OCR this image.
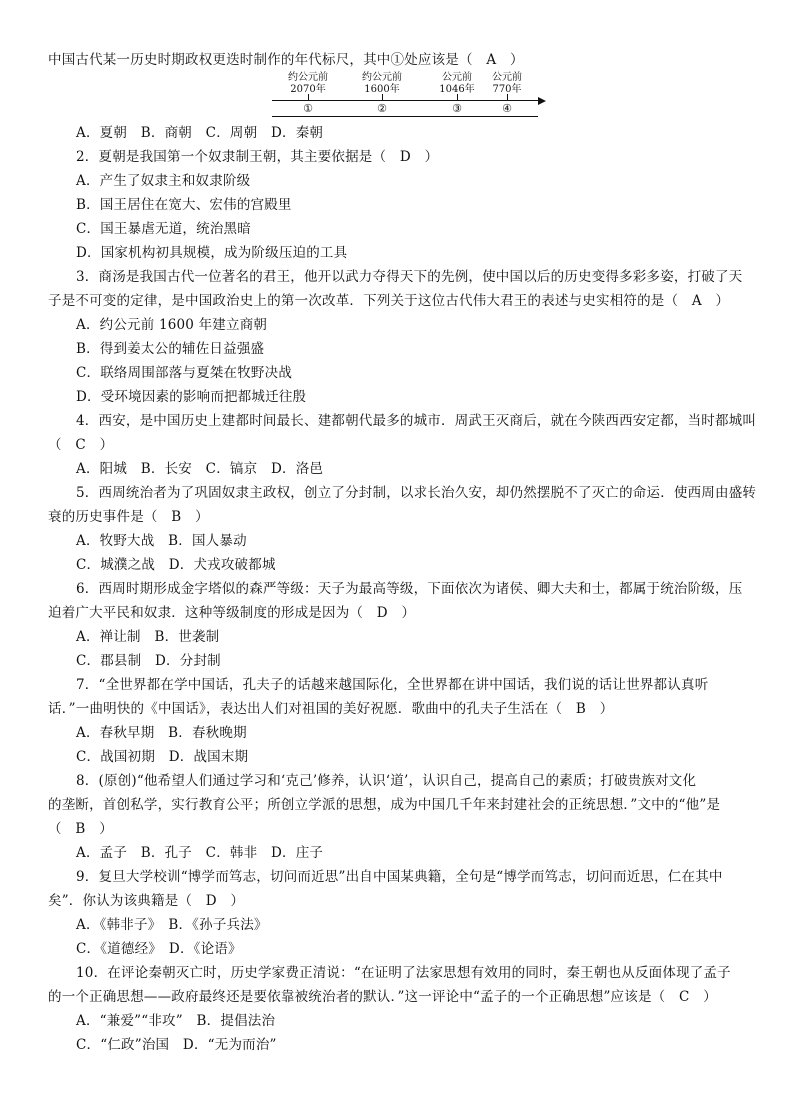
中国古代某一历史时期政权更迭时制作的年代标尺，其中①处应该是（　A　）
约公元前
2070年
约公元前
1600年
公元前
1046年
公元前
770年
①	②	③	④
A．夏朝　B．商朝　C．周朝　D．秦朝
2．夏朝是我国第一个奴隶制王朝，其主要依据是（　D　）
A．产生了奴隶主和奴隶阶级
B．国王居住在宽大、宏伟的宫殿里
C．国王暴虐无道，统治黑暗
D．国家机构初具规模，成为阶级压迫的工具
3．商汤是我国古代一位著名的君王，他开以武力夺得天下的先例，使中国以后的历史变得多彩多姿，打破了天
子是不可变的定律，是中国政治史上的第一次改革．下列关于这位古代伟大君王的表述与史实相符的是（　A　）
A．约公元前 1600 年建立商朝
B．得到姜太公的辅佐日益强盛
C．联络周围部落与夏桀在牧野决战
D．受环境因素的影响而把都城迁往殷
4．西安，是中国历史上建都时间最长、建都朝代最多的城市．周武王灭商后，就在今陕西西安定都，当时都城叫
（　C　）
A．阳城　B．长安　C．镐京　D．洛邑
5．西周统治者为了巩固奴隶主政权，创立了分封制，以求长治久安，却仍然摆脱不了灭亡的命运．使西周由盛转
衰的历史事件是（　B　）
A．牧野大战　B．国人暴动
C．城濮之战　D．犬戎攻破都城
6．西周时期形成金字塔似的森严等级：天子为最高等级，下面依次为诸侯、卿大夫和士，都属于统治阶级，压
迫着广大平民和奴隶．这种等级制度的形成是因为（　D　）
A．禅让制　B．世袭制
C．郡县制　D．分封制
7．“全世界都在学中国话，孔夫子的话越来越国际化，全世界都在讲中国话，我们说的话让世界都认真听
话．”一曲明快的《中国话》，表达出人们对祖国的美好祝愿．歌曲中的孔夫子生活在（　B　）
A．春秋早期　B．春秋晚期
C．战国初期　D．战国末期
8．(原创)“他希望人们通过学习和‘克己’修养，认识‘道’，认识自己，提高自己的素质；打破贵族对文化
的垄断，首创私学，实行教育公平；所创立学派的思想，成为中国几千年来封建社会的正统思想．”文中的“他”是
（　B　）
A．孟子　B．孔子　C．韩非　D．庄子
9．复旦大学校训“博学而笃志，切问而近思”出自中国某典籍，全句是“博学而笃志，切问而近思，仁在其中
矣”．你认为该典籍是（　D　）
A．《韩非子》　B．《孙子兵法》
C．《道德经》　D．《论语》
10．在评论秦朝灭亡时，历史学家费正清说：“在证明了法家思想有效用的同时，秦王朝也从反面体现了孟子
的一个正确思想——政府最终还是要依靠被统治者的默认．”这一评论中“孟子的一个正确思想”应该是（　C　）
A．“兼爱”“非攻”　B．提倡法治
C．“仁政”治国　D．“无为而治”
